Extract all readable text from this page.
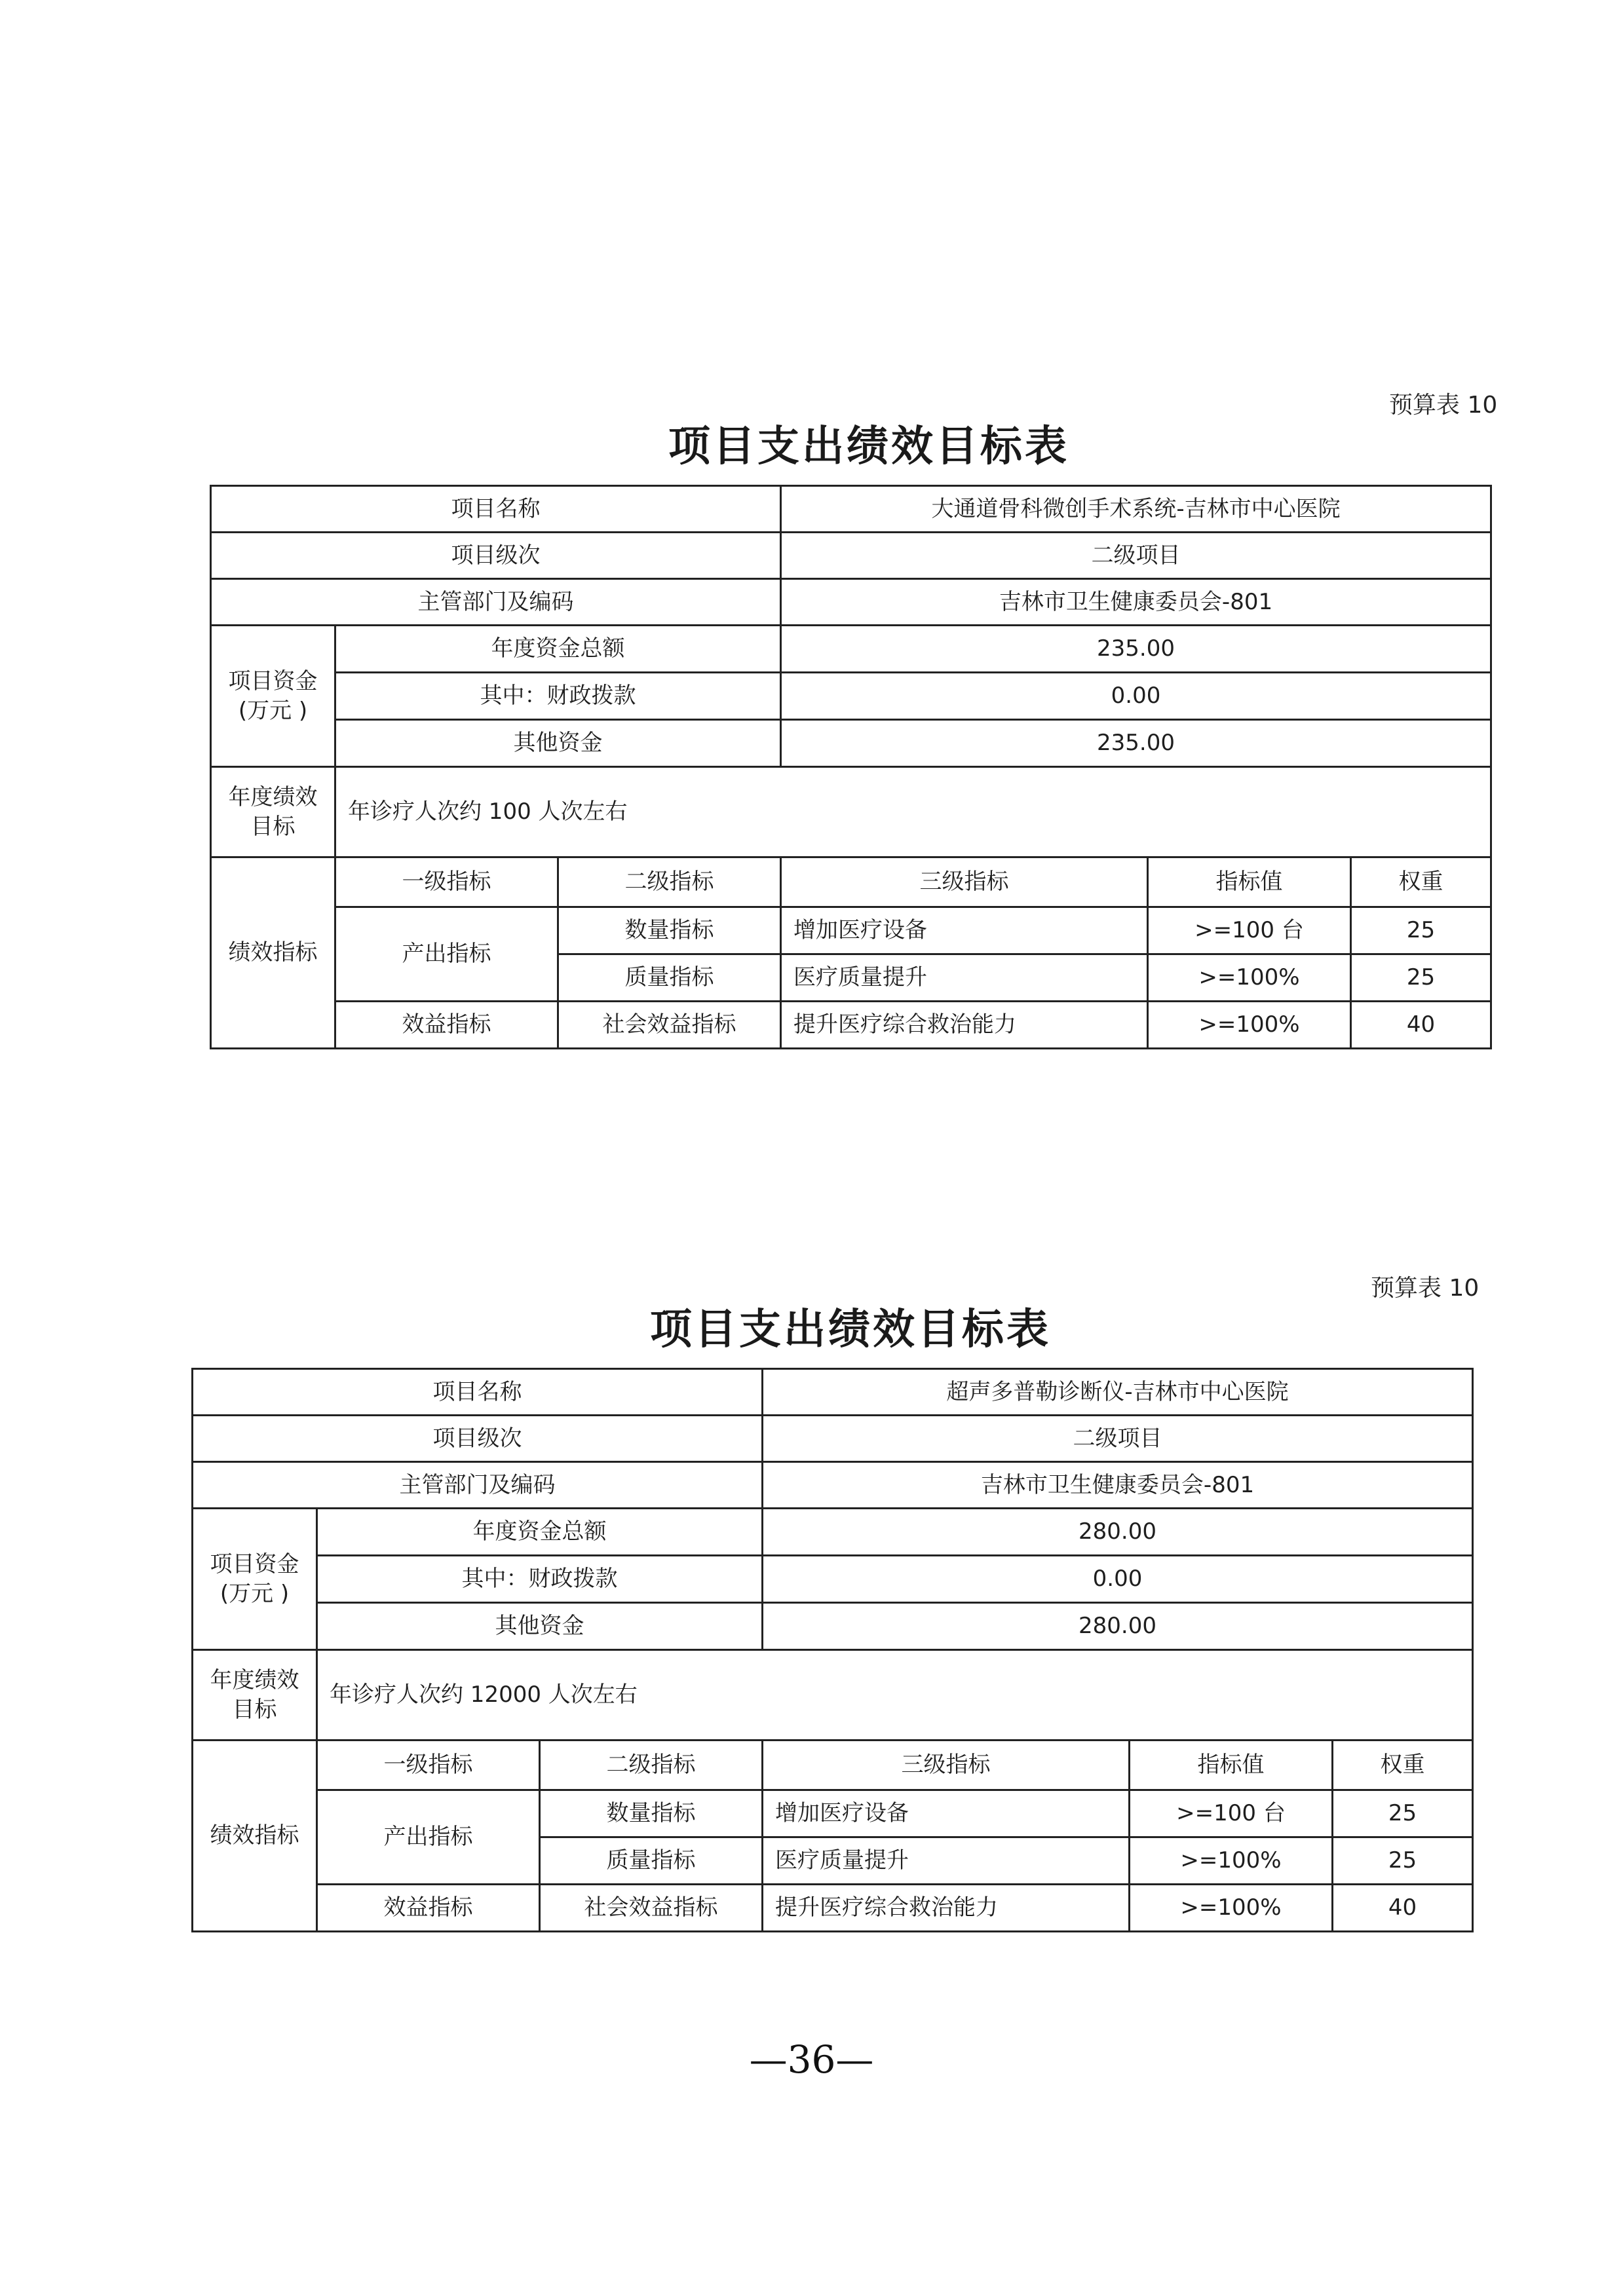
预算表 10
项目支出绩效目标表
项目名称			大通道骨科微创手术系统-吉林市中心医院		
项目级次			二级项目		
主管部门及编码			吉林市卫生健康委员会-801		
项目资金
(万元 )	年度资金总额		235.00		
	其中：财政拨款		0.00		
	其他资金		235.00		
年度绩效
目标	年诊疗人次约 100 人次左右				
绩效指标	一级指标	二级指标	三级指标	指标值	权重
	产出指标	数量指标	增加医疗设备	>=100 台	25
		质量指标	医疗质量提升	>=100%	25
	效益指标	社会效益指标	提升医疗综合救治能力	>=100%	40
预算表 10
项目支出绩效目标表
项目名称			超声多普勒诊断仪-吉林市中心医院		
项目级次			二级项目		
主管部门及编码			吉林市卫生健康委员会-801		
项目资金
(万元 )	年度资金总额		280.00		
	其中：财政拨款		0.00		
	其他资金		280.00		
年度绩效
目标	年诊疗人次约 12000 人次左右				
绩效指标	一级指标	二级指标	三级指标	指标值	权重
	产出指标	数量指标	增加医疗设备	>=100 台	25
		质量指标	医疗质量提升	>=100%	25
	效益指标	社会效益指标	提升医疗综合救治能力	>=100%	40
—36—
